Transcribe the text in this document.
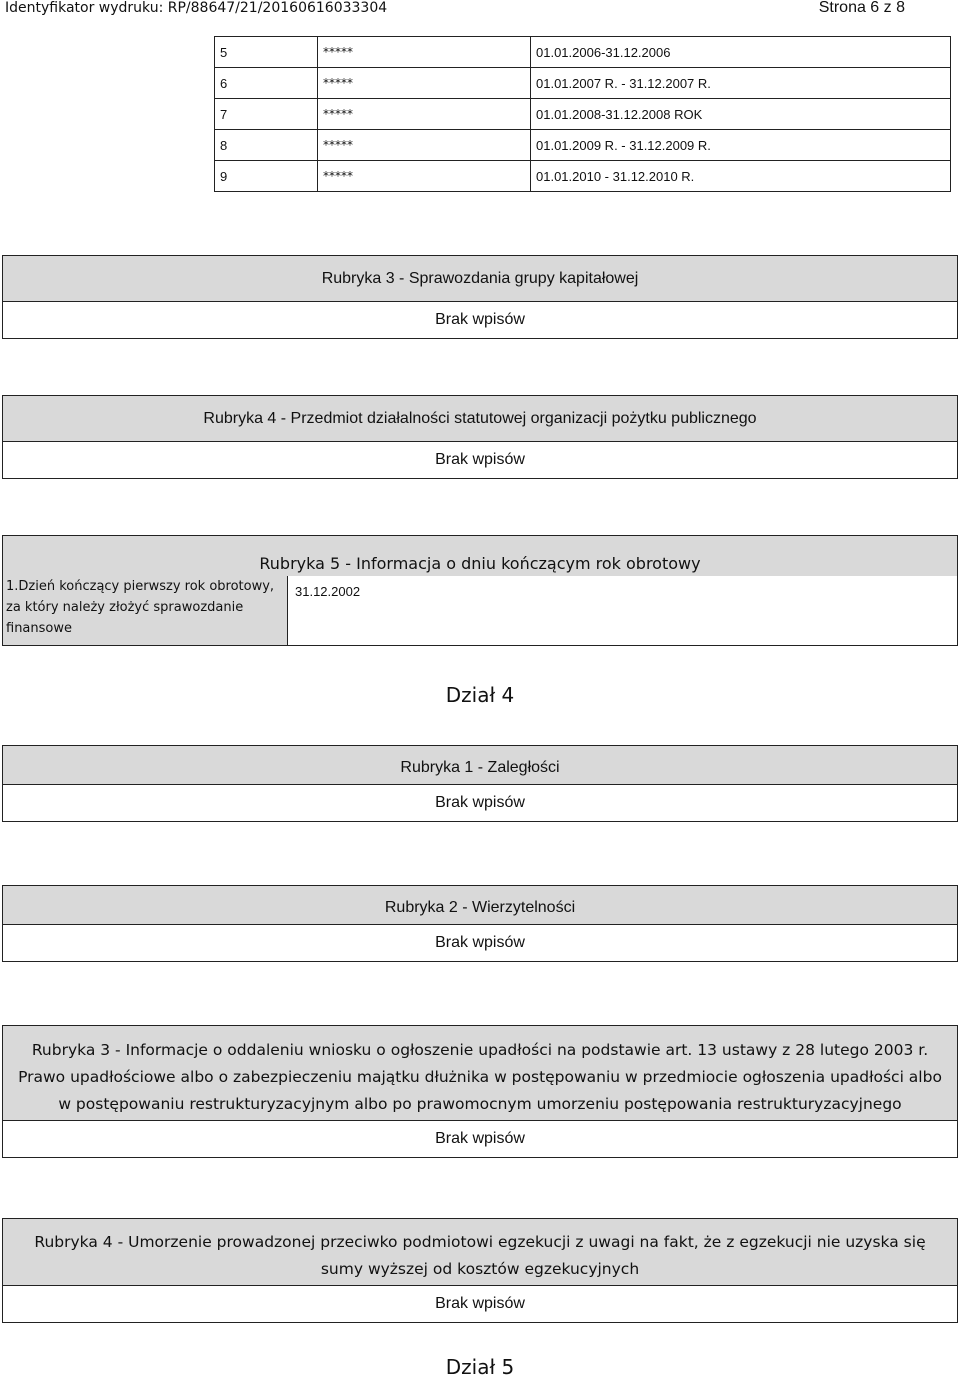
Identyfikator wydruku: RP/88647/21/20160616033304	Strona 6 z 8
5	*****	01.01.2006-31.12.2006
6	*****	01.01.2007 R. - 31.12.2007 R.
7	*****	01.01.2008-31.12.2008 ROK
8	*****	01.01.2009 R. - 31.12.2009 R.
9	*****	01.01.2010 - 31.12.2010 R.
Rubryka 3 - Sprawozdania grupy kapitałowej
Brak wpisów
Rubryka 4 - Przedmiot działalności statutowej organizacji pożytku publicznego
Brak wpisów
Rubryka 5 - Informacja o dniu kończącym rok obrotowy
1.Dzień kończący pierwszy rok obrotowy,
za który należy złożyć sprawozdanie
finansowe
31.12.2002
Dział 4
Rubryka 1 - Zaległości
Brak wpisów
Rubryka 2 - Wierzytelności
Brak wpisów
Rubryka 3 - Informacje o oddaleniu wniosku o ogłoszenie upadłości na podstawie art. 13 ustawy z 28 lutego 2003 r.
Prawo upadłościowe albo o zabezpieczeniu majątku dłużnika w postępowaniu w przedmiocie ogłoszenia upadłości albo
w postępowaniu restrukturyzacyjnym albo po prawomocnym umorzeniu postępowania restrukturyzacyjnego
Brak wpisów
Rubryka 4 - Umorzenie prowadzonej przeciwko podmiotowi egzekucji z uwagi na fakt, że z egzekucji nie uzyska się
sumy wyższej od kosztów egzekucyjnych
Brak wpisów
Dział 5
